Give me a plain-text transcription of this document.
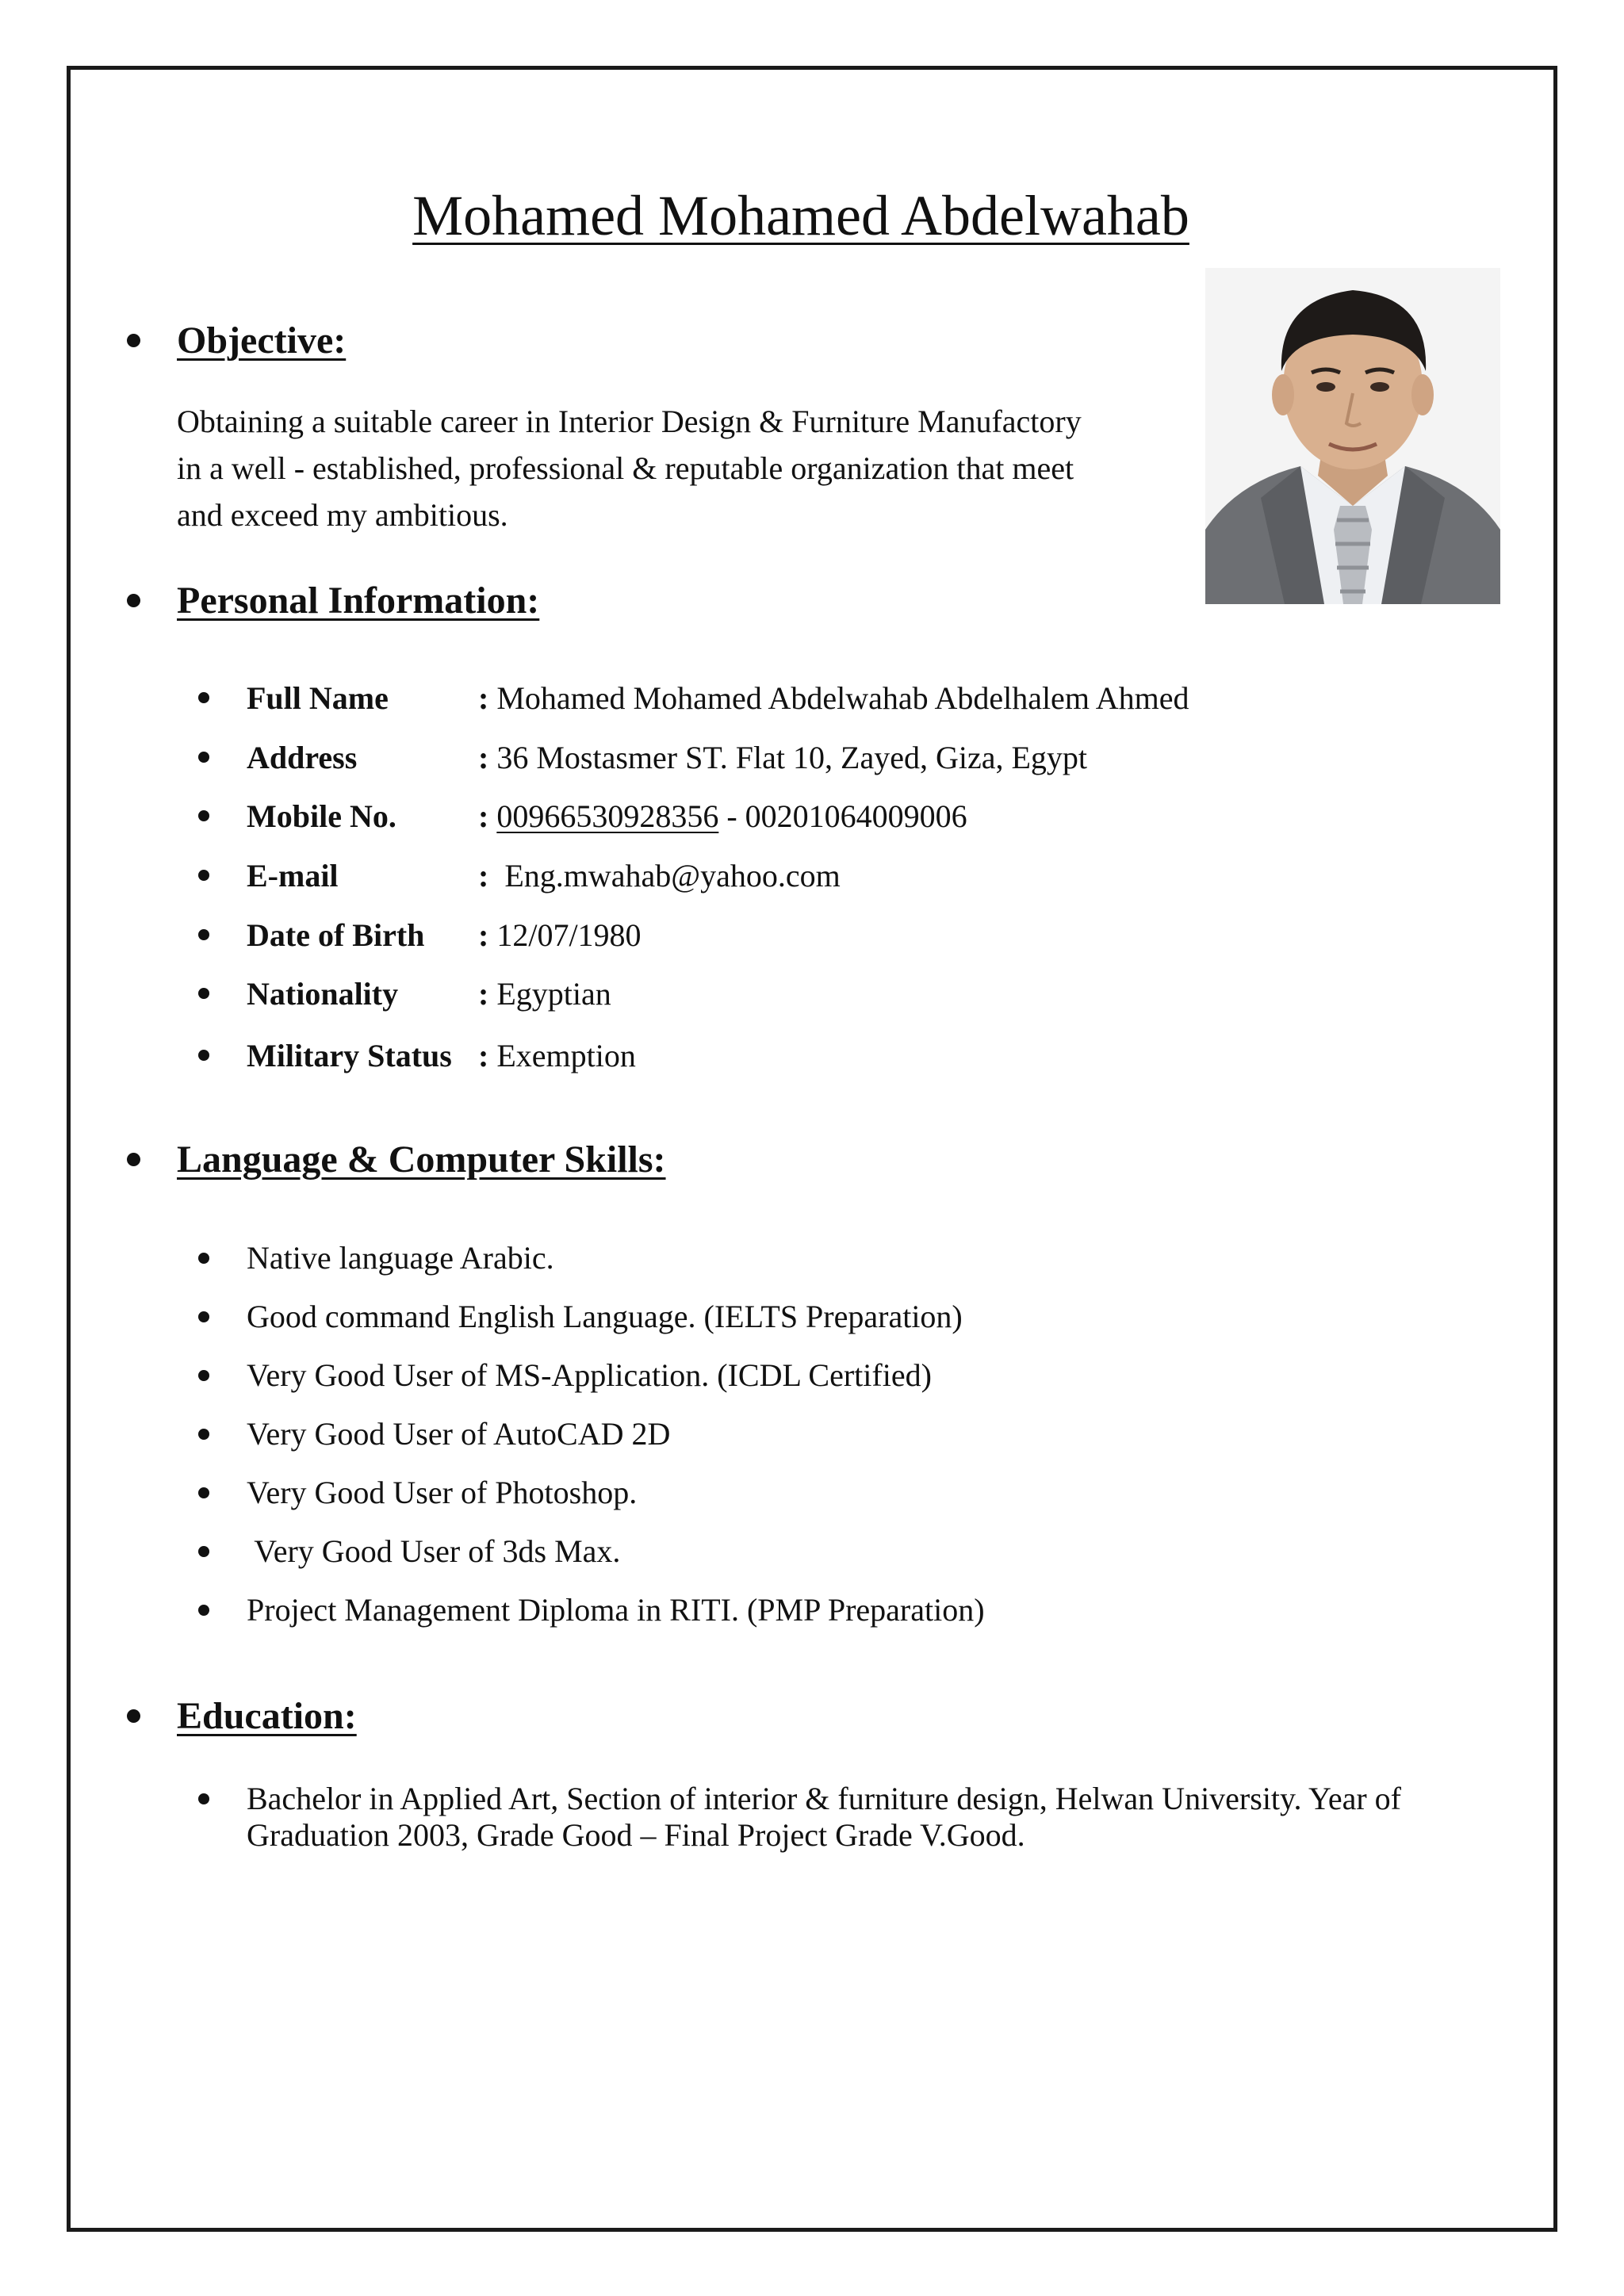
Mohamed Mohamed Abdelwahab
Objective:
Obtaining a suitable career in Interior Design & Furniture Manufactory
in a well - established, professional & reputable organization that meet
and exceed my ambitious.
Personal Information:
Full Name	: Mohamed Mohamed Abdelwahab Abdelhalem Ahmed
Address	: 36 Mostasmer ST. Flat 10, Zayed, Giza, Egypt
Mobile No.	: 00966530928356 - 00201064009006
E-mail	: Eng.mwahab@yahoo.com
Date of Birth	: 12/07/1980
Nationality	: Egyptian
Military Status : Exemption
Language & Computer Skills:
Native language Arabic.
Good command English Language. (IELTS Preparation)
Very Good User of MS-Application. (ICDL Certified)
Very Good User of AutoCAD 2D
Very Good User of Photoshop.
Very Good User of 3ds Max.
Project Management Diploma in RITI. (PMP Preparation)
Education:
Bachelor in Applied Art, Section of interior & furniture design, Helwan University. Year of Graduation 2003, Grade Good – Final Project Grade V.Good.
